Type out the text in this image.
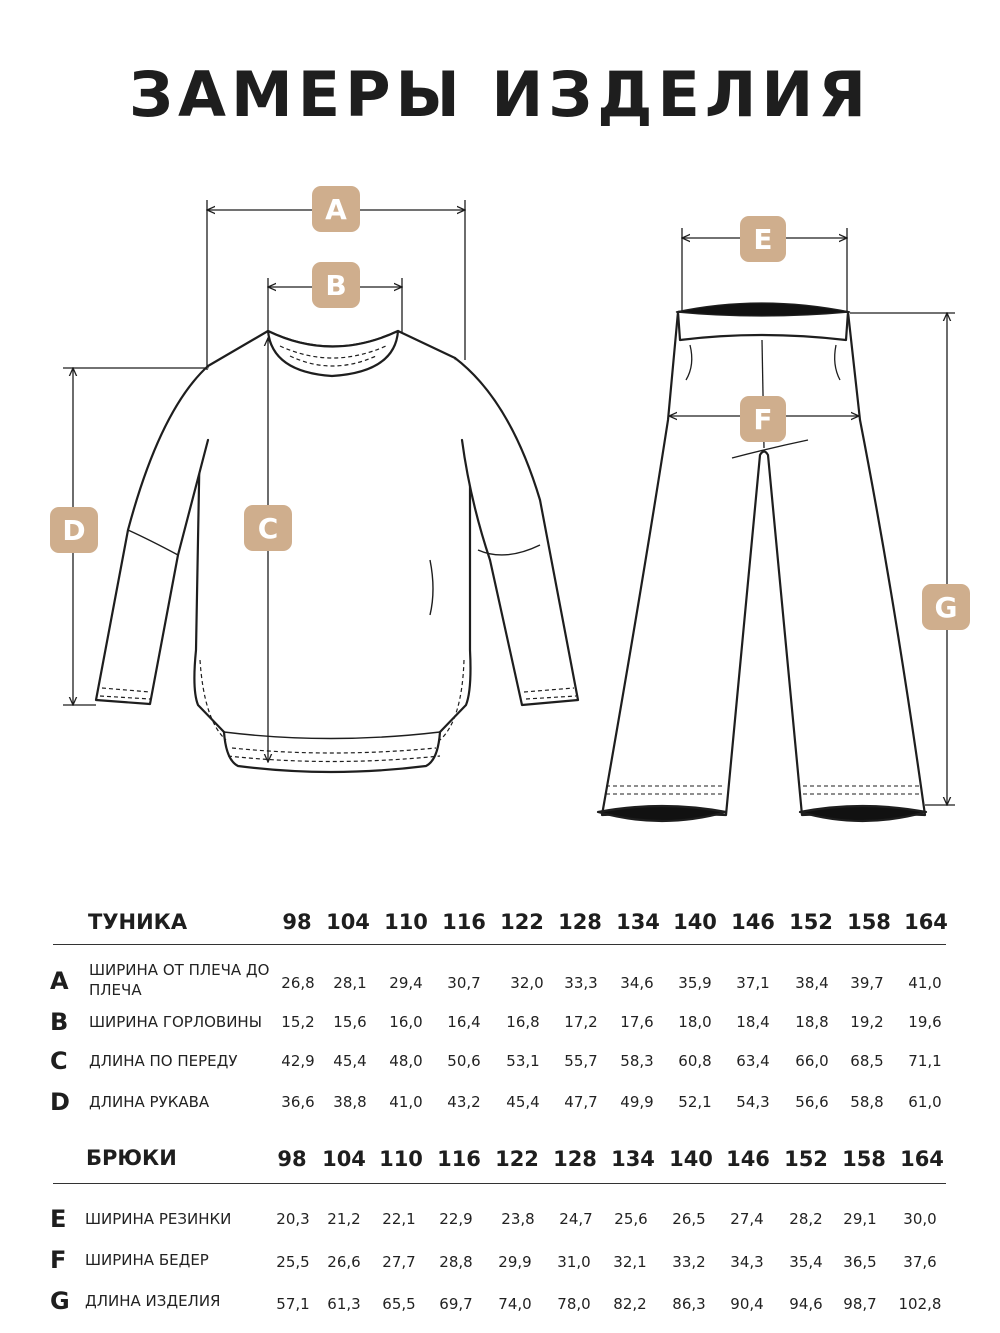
ЗАМЕРЫ ИЗДЕЛИЯ
A
B
C
D
E
F
G
ТУНИКА	98 104 110 116 122 128 134 140 146 152 158 164
A ШИРИНА ОТ ПЛЕЧА ДО ПЛЕЧА	26,8	28,1	29,4	30,7	32,0	33,3	34,6	35,9	37,1	38,4	39,7	41,0
B ШИРИНА ГОРЛОВИНЫ	15,2	15,6	16,0	16,4	16,8	17,2	17,6	18,0	18,4	18,8	19,2	19,6
C ДЛИНА ПО ПЕРЕДУ	42,9	45,4	48,0	50,6	53,1	55,7	58,3	60,8	63,4	66,0	68,5	71,1
D ДЛИНА РУКАВА	36,6	38,8	41,0	43,2	45,4	47,7	49,9	52,1	54,3	56,6	58,8	61,0
БРЮКИ	98 104 110 116 122 128 134 140 146 152 158 164
E ШИРИНА РЕЗИНКИ	20,3	21,2	22,1	22,9	23,8	24,7	25,6	26,5	27,4	28,2	29,1	30,0
F ШИРИНА БЕДЕР	25,5	26,6	27,7	28,8	29,9	31,0	32,1	33,2	34,3	35,4	36,5	37,6
G ДЛИНА ИЗДЕЛИЯ	57,1	61,3	65,5	69,7	74,0	78,0	82,2	86,3	90,4	94,6	98,7	102,8
